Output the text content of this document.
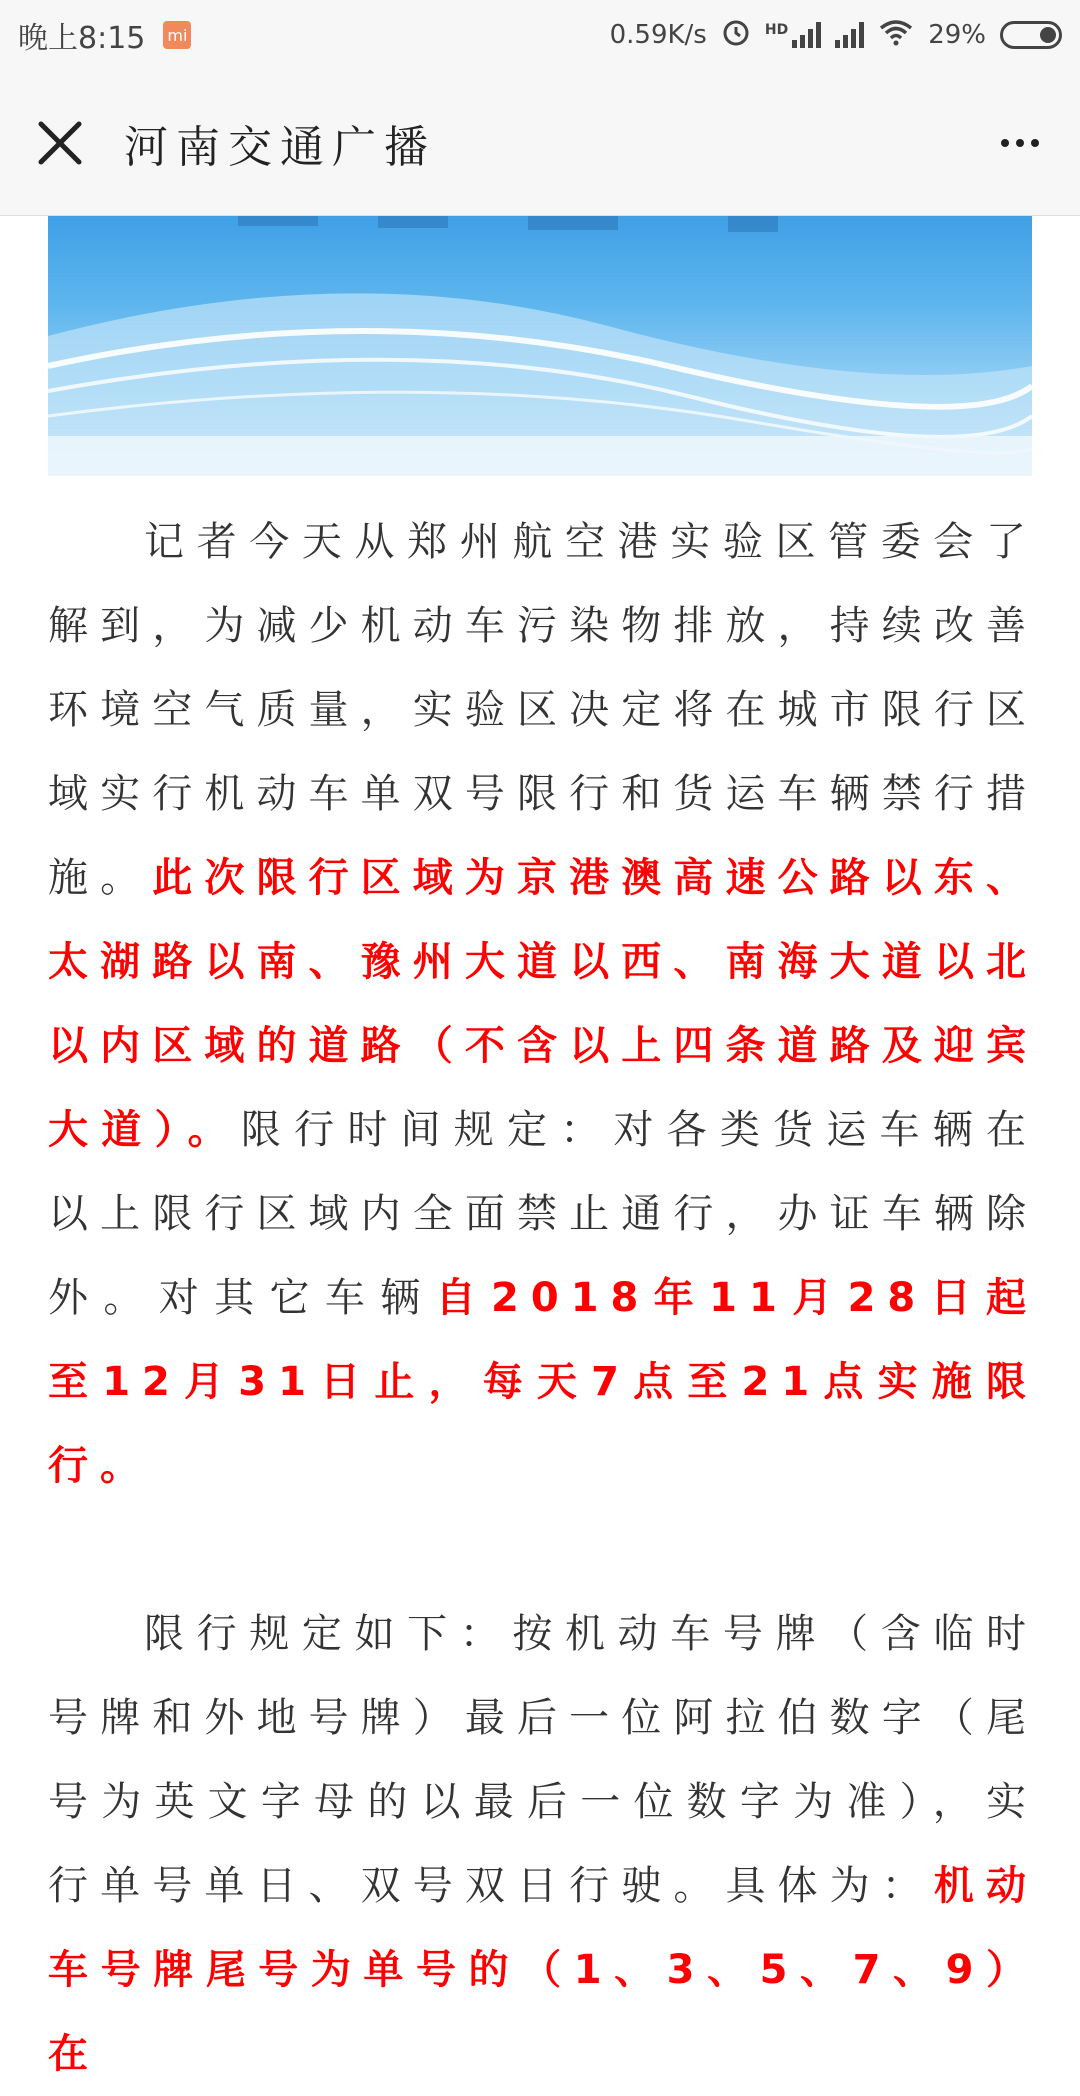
晚上8:15 mi	0.59K/s	HD	29%
河南交通广播

记者今天从郑州航空港实验区管委会了解到，为减少机动车污染物排放，持续改善环境空气质量，实验区决定将在城市限行区域实行机动车单双号限行和货运车辆禁行措施。此次限行区域为京港澳高速公路以东、太湖路以南、豫州大道以西、南海大道以北以内区域的道路（不含以上四条道路及迎宾大道）。限行时间规定：对各类货运车辆在以上限行区域内全面禁止通行，办证车辆除外。对其它车辆自2018年11月28日起至12月31日止，每天7点至21点实施限行。

限行规定如下：按机动车号牌（含临时号牌和外地号牌）最后一位阿拉伯数字（尾号为英文字母的以最后一位数字为准），实行单号单日、双号双日行驶。具体为：机动车号牌尾号为单号的（1、3、5、7、9）在
